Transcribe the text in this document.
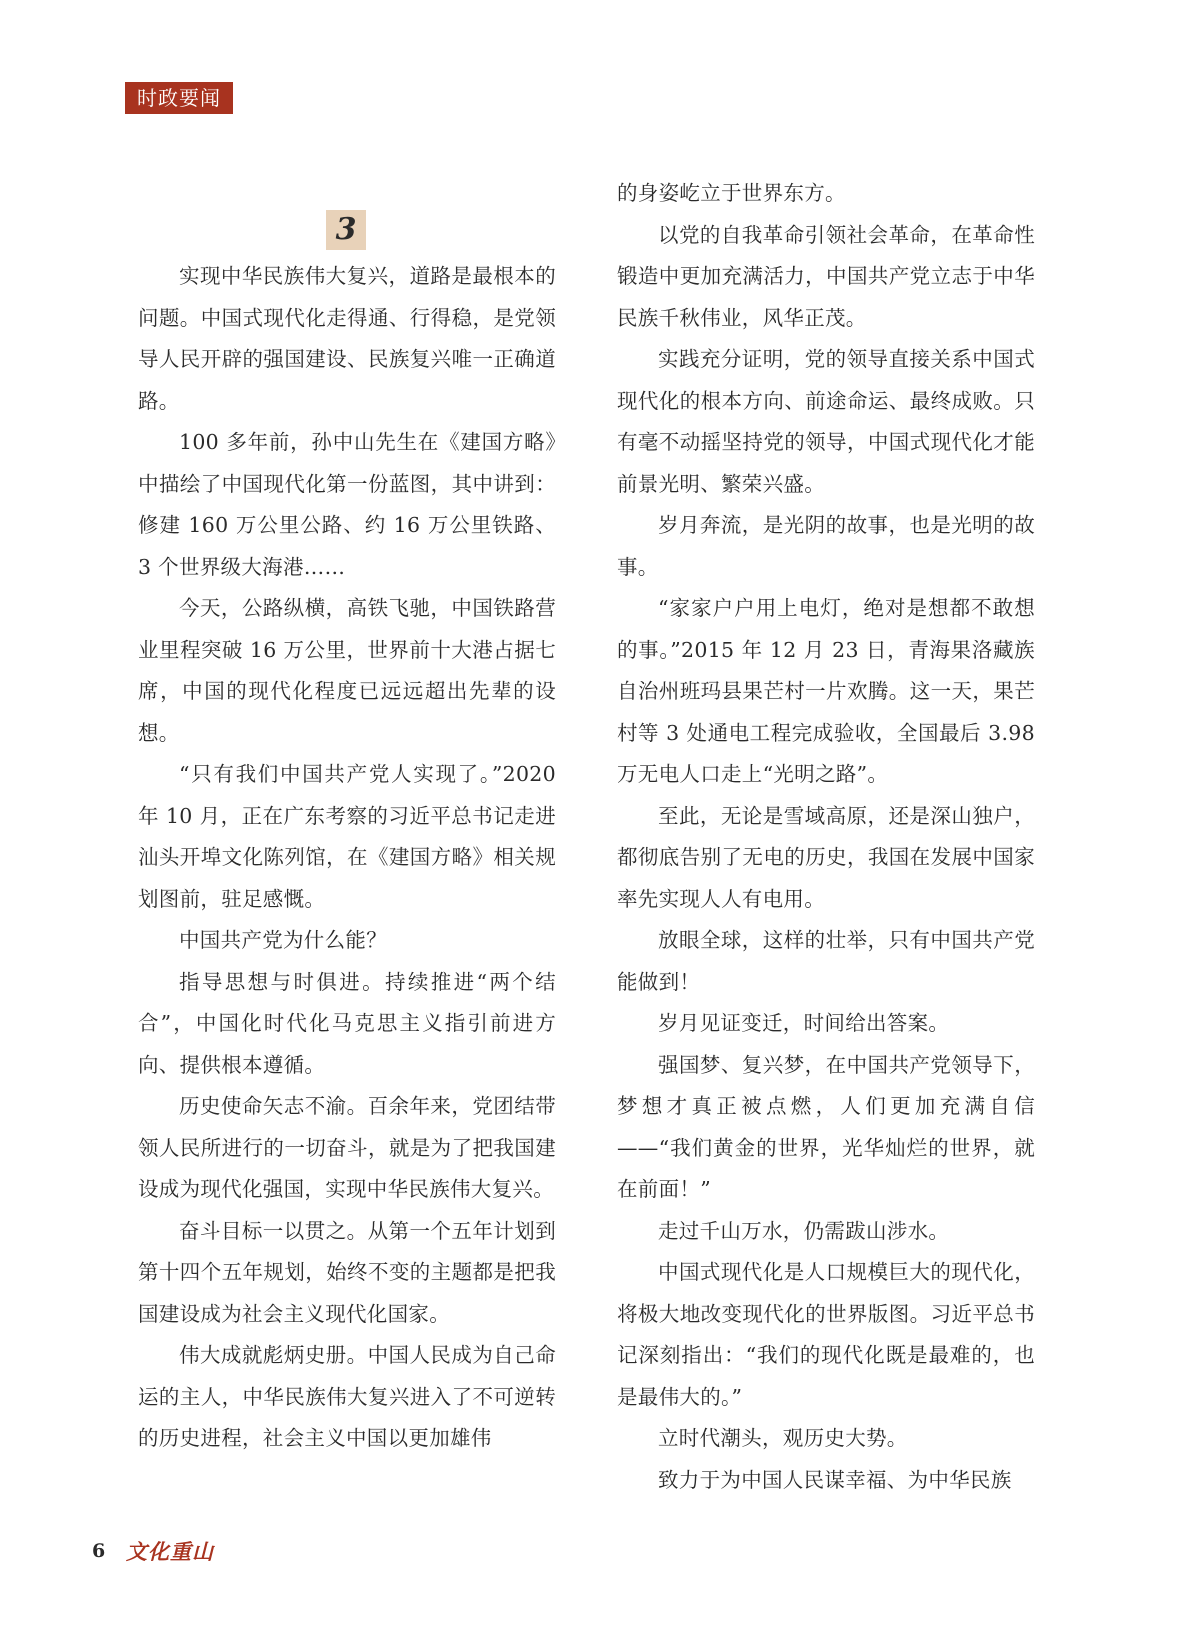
时政要闻
3

实现中华民族伟大复兴，道路是最根本的问题。中国式现代化走得通、行得稳，是党领导人民开辟的强国建设、民族复兴唯一正确道路。

100 多年前，孙中山先生在《建国方略》中描绘了中国现代化第一份蓝图，其中讲到：修建 160 万公里公路、约 16 万公里铁路、3 个世界级大海港……

今天，公路纵横，高铁飞驰，中国铁路营业里程突破 16 万公里，世界前十大港占据七席，中国的现代化程度已远远超出先辈的设想。

“只有我们中国共产党人实现了。”2020 年 10 月，正在广东考察的习近平总书记走进汕头开埠文化陈列馆，在《建国方略》相关规划图前，驻足感慨。

中国共产党为什么能？

指导思想与时俱进。持续推进“两个结合”，中国化时代化马克思主义指引前进方向、提供根本遵循。

历史使命矢志不渝。百余年来，党团结带领人民所进行的一切奋斗，就是为了把我国建设成为现代化强国，实现中华民族伟大复兴。

奋斗目标一以贯之。从第一个五年计划到第十四个五年规划，始终不变的主题都是把我国建设成为社会主义现代化国家。

伟大成就彪炳史册。中国人民成为自己命运的主人，中华民族伟大复兴进入了不可逆转的历史进程，社会主义中国以更加雄伟

的身姿屹立于世界东方。

以党的自我革命引领社会革命，在革命性锻造中更加充满活力，中国共产党立志于中华民族千秋伟业，风华正茂。

实践充分证明，党的领导直接关系中国式现代化的根本方向、前途命运、最终成败。只有毫不动摇坚持党的领导，中国式现代化才能前景光明、繁荣兴盛。

岁月奔流，是光阴的故事，也是光明的故事。

“家家户户用上电灯，绝对是想都不敢想的事。”2015 年 12 月 23 日，青海果洛藏族自治州班玛县果芒村一片欢腾。这一天，果芒村等 3 处通电工程完成验收，全国最后 3.98 万无电人口走上“光明之路”。

至此，无论是雪域高原，还是深山独户，都彻底告别了无电的历史，我国在发展中国家率先实现人人有电用。

放眼全球，这样的壮举，只有中国共产党能做到！

岁月见证变迁，时间给出答案。

强国梦、复兴梦，在中国共产党领导下，梦想才真正被点燃，人们更加充满自信——“我们黄金的世界，光华灿烂的世界，就在前面！”

走过千山万水，仍需跋山涉水。

中国式现代化是人口规模巨大的现代化，将极大地改变现代化的世界版图。习近平总书记深刻指出：“我们的现代化既是最难的，也是最伟大的。”

立时代潮头，观历史大势。

致力于为中国人民谋幸福、为中华民族

6 文化重山
